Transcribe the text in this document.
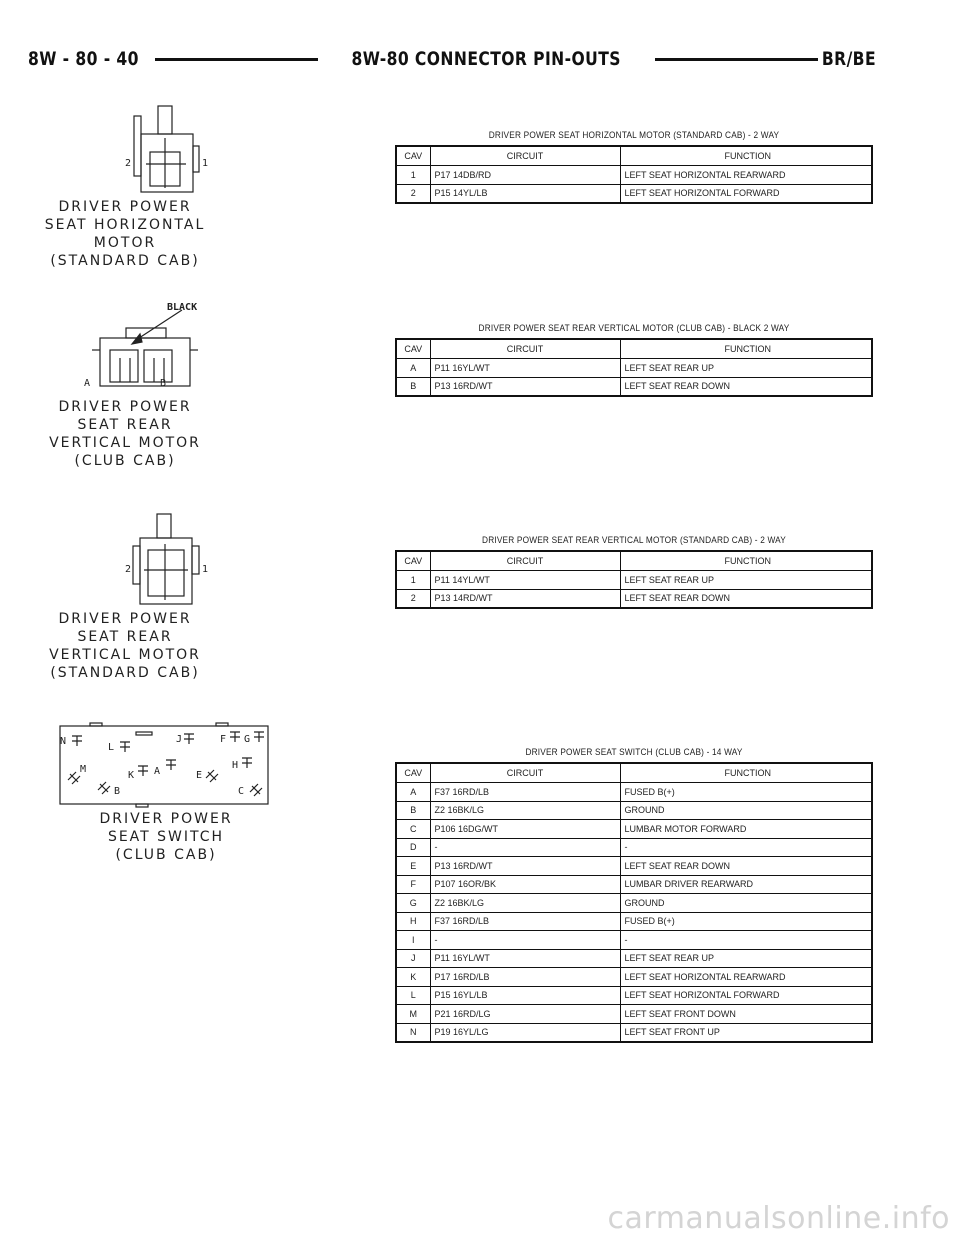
8W - 80 - 40	8W-80 CONNECTOR PIN-OUTS	BR/BE
2	1
DRIVER POWER
SEAT HORIZONTAL
MOTOR
(STANDARD CAB)
BLACK
A	B
DRIVER POWER
SEAT REAR
VERTICAL MOTOR
(CLUB CAB)
2	1
DRIVER POWER
SEAT REAR
VERTICAL MOTOR
(STANDARD CAB)
N
L
J	F G
M
K A	E
H
B	C
DRIVER POWER
SEAT SWITCH
(CLUB CAB)
DRIVER POWER SEAT HORIZONTAL MOTOR (STANDARD CAB) - 2 WAY
CAV	CIRCUIT	FUNCTION
1	P17 14DB/RD	LEFT SEAT HORIZONTAL REARWARD
2	P15 14YL/LB	LEFT SEAT HORIZONTAL FORWARD
DRIVER POWER SEAT REAR VERTICAL MOTOR (CLUB CAB) - BLACK 2 WAY
CAV	CIRCUIT	FUNCTION
A	P11 16YL/WT	LEFT SEAT REAR UP
B	P13 16RD/WT	LEFT SEAT REAR DOWN
DRIVER POWER SEAT REAR VERTICAL MOTOR (STANDARD CAB) - 2 WAY
CAV	CIRCUIT	FUNCTION
1	P11 14YL/WT	LEFT SEAT REAR UP
2	P13 14RD/WT	LEFT SEAT REAR DOWN
DRIVER POWER SEAT SWITCH (CLUB CAB) - 14 WAY
CAV	CIRCUIT	FUNCTION
A	F37 16RD/LB	FUSED B(+)
B	Z2 16BK/LG	GROUND
C	P106 16DG/WT	LUMBAR MOTOR FORWARD
D	-	-
E	P13 16RD/WT	LEFT SEAT REAR DOWN
F	P107 16OR/BK	LUMBAR DRIVER REARWARD
G	Z2 16BK/LG	GROUND
H	F37 16RD/LB	FUSED B(+)
I	-	-
J	P11 16YL/WT	LEFT SEAT REAR UP
K	P17 16RD/LB	LEFT SEAT HORIZONTAL REARWARD
L	P15 16YL/LB	LEFT SEAT HORIZONTAL FORWARD
M	P21 16RD/LG	LEFT SEAT FRONT DOWN
N	P19 16YL/LG	LEFT SEAT FRONT UP
carmanualsonline.info
